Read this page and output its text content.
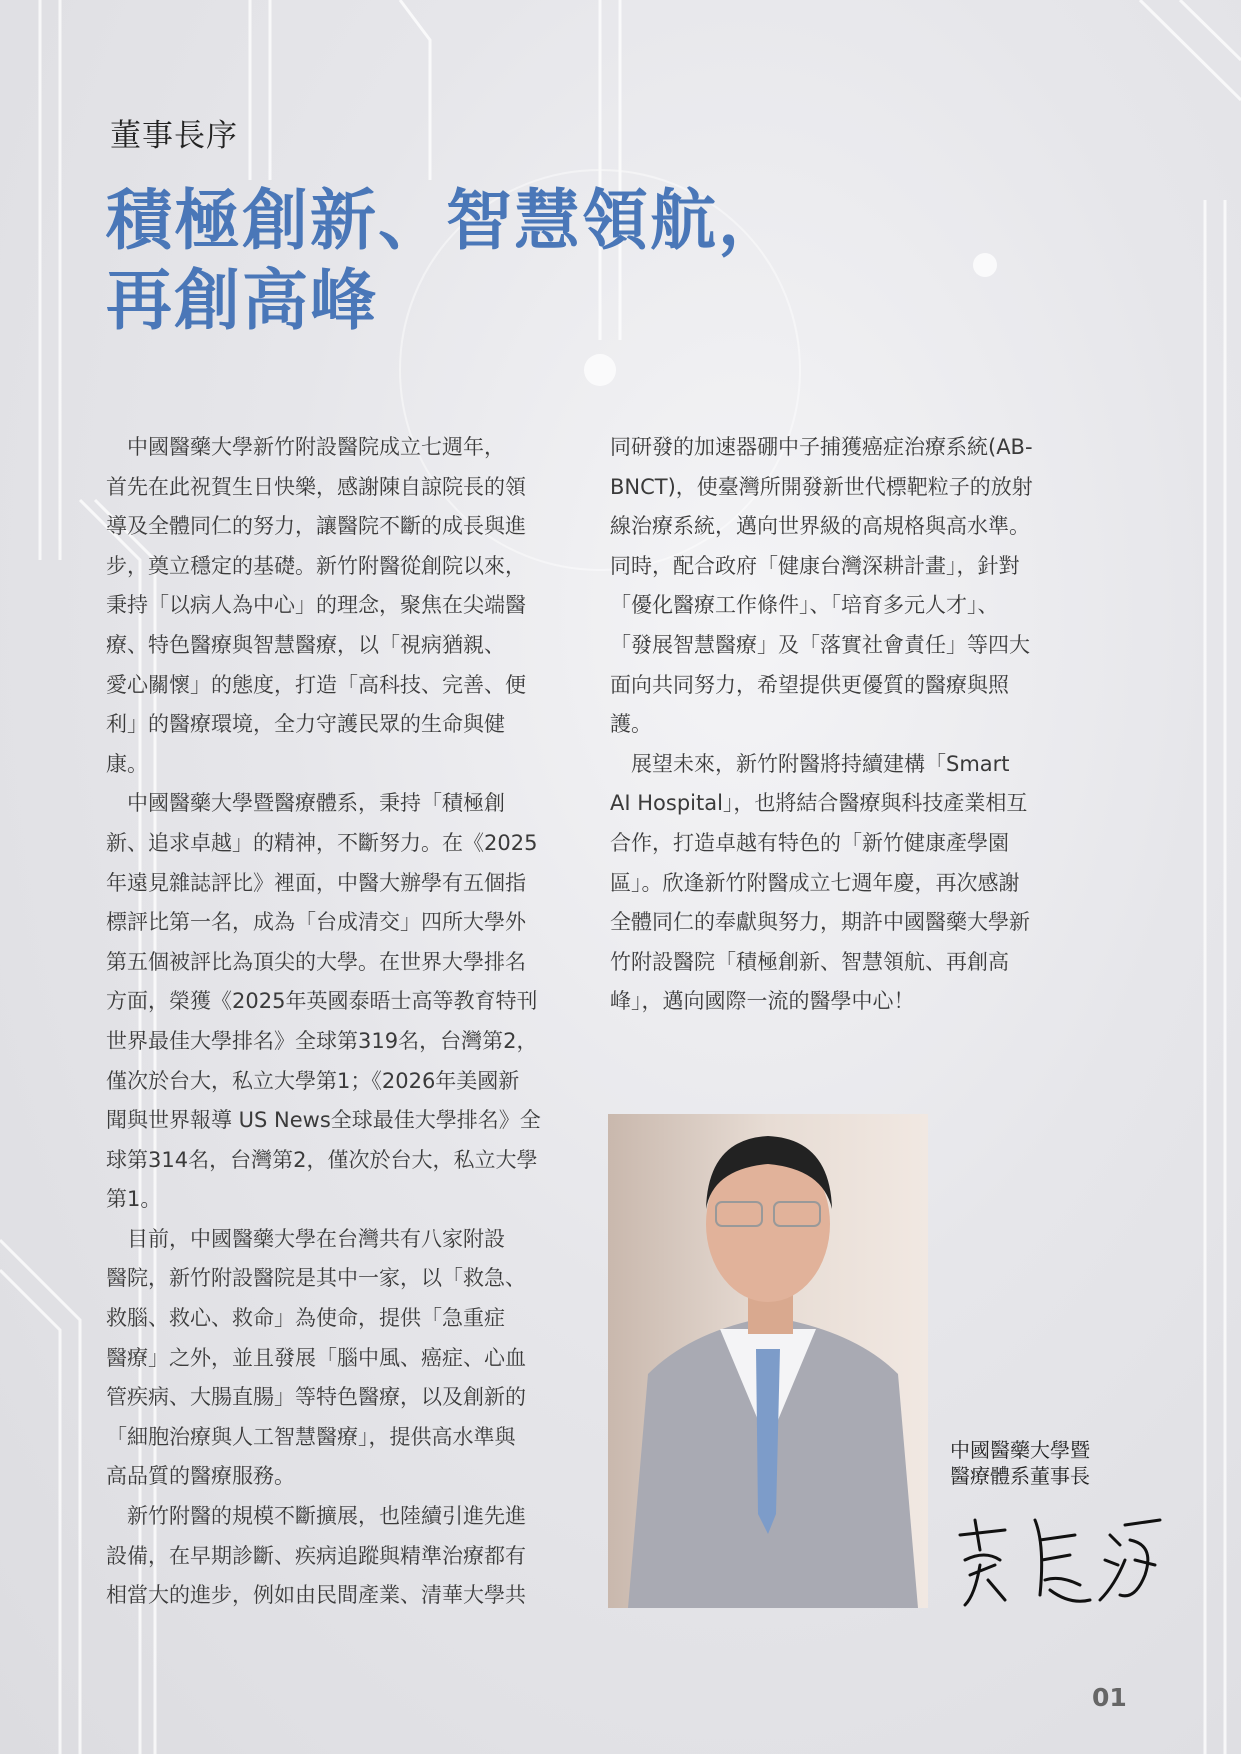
董事長序
積極創新、智慧領航，
再創高峰
　中國醫藥大學新竹附設醫院成立七週年，
首先在此祝賀生日快樂，感謝陳自諒院長的領
導及全體同仁的努力，讓醫院不斷的成長與進
步，奠立穩定的基礎。新竹附醫從創院以來，
秉持「以病人為中心」的理念，聚焦在尖端醫
療、特色醫療與智慧醫療，以「視病猶親、
愛心關懷」的態度，打造「高科技、完善、便
利」的醫療環境，全力守護民眾的生命與健
康。
　中國醫藥大學暨醫療體系，秉持「積極創
新、追求卓越」的精神，不斷努力。在《2025
年遠見雜誌評比》裡面，中醫大辦學有五個指
標評比第一名，成為「台成清交」四所大學外
第五個被評比為頂尖的大學。在世界大學排名
方面，榮獲《2025年英國泰晤士高等教育特刊
世界最佳大學排名》全球第319名，台灣第2，
僅次於台大，私立大學第1；《2026年美國新
聞與世界報導 US News全球最佳大學排名》全
球第314名，台灣第2，僅次於台大，私立大學
第1。
　目前，中國醫藥大學在台灣共有八家附設
醫院，新竹附設醫院是其中一家，以「救急、
救腦、救心、救命」為使命，提供「急重症
醫療」之外，並且發展「腦中風、癌症、心血
管疾病、大腸直腸」等特色醫療，以及創新的
「細胞治療與人工智慧醫療」，提供高水準與
高品質的醫療服務。
　新竹附醫的規模不斷擴展，也陸續引進先進
設備，在早期診斷、疾病追蹤與精準治療都有
相當大的進步，例如由民間產業、清華大學共
同研發的加速器硼中子捕獲癌症治療系統(AB-
BNCT)，使臺灣所開發新世代標靶粒子的放射
線治療系統，邁向世界級的高規格與高水準。
同時，配合政府「健康台灣深耕計畫」，針對
「優化醫療工作條件」、「培育多元人才」、
「發展智慧醫療」及「落實社會責任」等四大
面向共同努力，希望提供更優質的醫療與照
護。
　展望未來，新竹附醫將持續建構「Smart
AI Hospital」，也將結合醫療與科技產業相互
合作，打造卓越有特色的「新竹健康產學園
區」。欣逢新竹附醫成立七週年慶，再次感謝
全體同仁的奉獻與努力，期許中國醫藥大學新
竹附設醫院「積極創新、智慧領航、再創高
峰」，邁向國際一流的醫學中心！
中國醫藥大學暨
醫療體系董事長
01
